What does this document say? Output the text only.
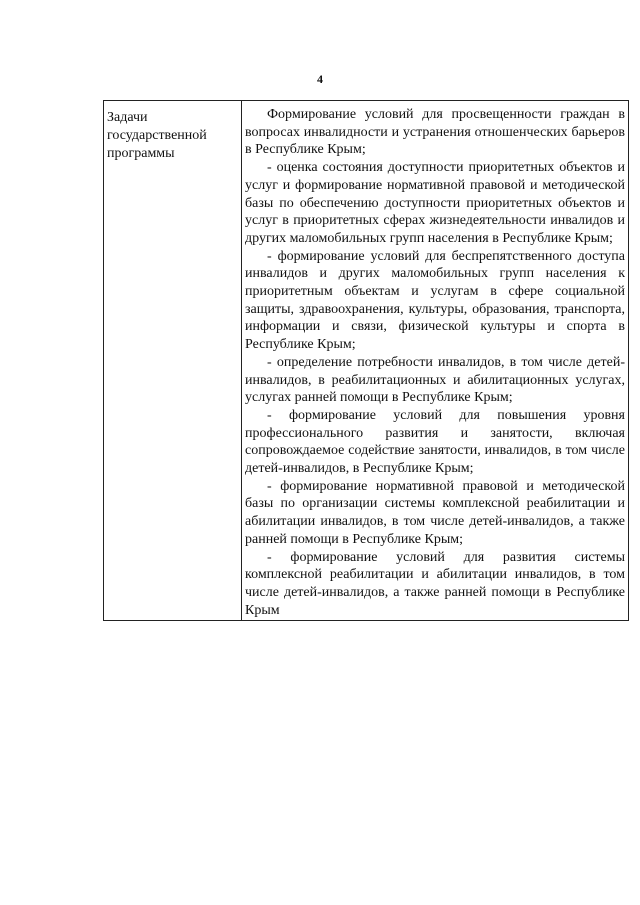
4
Задачи
государственной
программы

Формирование условий для просвещенности граждан в вопросах инвалидности и устранения отношенческих барьеров в Республике Крым;

- оценка состояния доступности приоритетных объектов и услуг и формирование нормативной правовой и методической базы по обеспечению доступности приоритетных объектов и услуг в приоритетных сферах жизнедеятельности инвалидов и других маломобильных групп населения в Республике Крым;

- формирование условий для беспрепятственного доступа инвалидов и других маломобильных групп населения к приоритетным объектам и услугам в сфере социальной защиты, здравоохранения, культуры, образования, транспорта, информации и связи, физической культуры и спорта в Республике Крым;

- определение потребности инвалидов, в том числе детей-инвалидов, в реабилитационных и абилитационных услугах, услугах ранней помощи в Республике Крым;

- формирование условий для повышения уровня профессионального развития и занятости, включая сопровождаемое содействие занятости, инвалидов, в том числе детей-инвалидов, в Республике Крым;

- формирование нормативной правовой и методической базы по организации системы комплексной реабилитации и абилитации инвалидов, в том числе детей-инвалидов, а также ранней помощи в Республике Крым;

- формирование условий для развития системы комплексной реабилитации и абилитации инвалидов, в том числе детей-инвалидов, а также ранней помощи в Республике Крым
